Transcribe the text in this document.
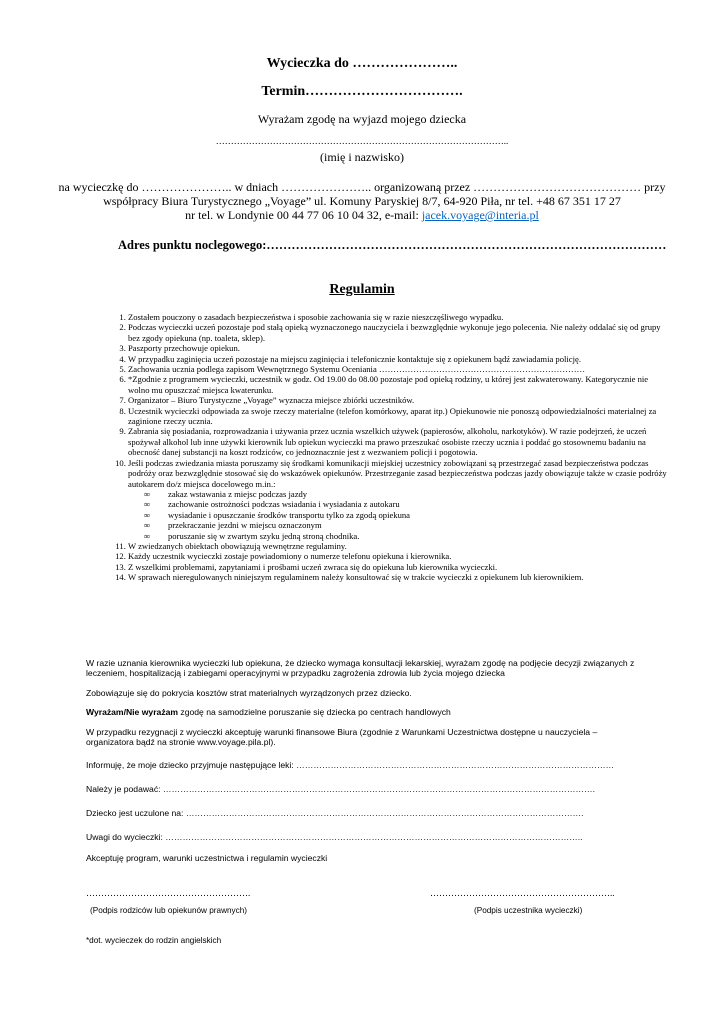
Wycieczka do …………………..
Termin…………………………….
Wyrażam zgodę na wyjazd mojego dziecka
……………………………………………………………………………………..
(imię i nazwisko)
na wycieczkę do ………………….. w dniach ………………….. organizowaną przez …………………………………… przy
współpracy Biura Turystycznego „Voyage” ul. Komuny Paryskiej 8/7, 64-920 Piła, nr tel. +48 67 351 17 27
nr tel. w Londynie 00 44 77 06 10 04 32, e-mail: jacek.voyage@interia.pl
Adres punktu noclegowego:……………………………………………………………………………………
Regulamin
1. Zostałem pouczony o zasadach bezpieczeństwa i sposobie zachowania się w razie nieszczęśliwego wypadku.
2. Podczas wycieczki uczeń pozostaje pod stałą opieką wyznaczonego nauczyciela i bezwzględnie wykonuje jego polecenia. Nie należy oddalać się od grupy bez zgody opiekuna (np. toaleta, sklep).
3. Paszporty przechowuje opiekun.
4. W przypadku zaginięcia uczeń pozostaje na miejscu zaginięcia i telefonicznie kontaktuje się z opiekunem bądź zawiadamia policję.
5. Zachowania ucznia podlega zapisom Wewnętrznego Systemu Oceniania ………………………………………………………………
6. *Zgodnie z programem wycieczki, uczestnik w godz. Od 19.00 do 08.00 pozostaje pod opieką rodziny, u której jest zakwaterowany. Kategorycznie nie wolno mu opuszczać miejsca kwaterunku.
7. Organizator – Biuro Turystyczne „Voyage” wyznacza miejsce zbiórki uczestników.
8. Uczestnik wycieczki odpowiada za swoje rzeczy materialne (telefon komórkowy, aparat itp.) Opiekunowie nie ponoszą odpowiedzialności materialnej za zaginione rzeczy ucznia.
9. Zabrania się posiadania, rozprowadzania i używania przez ucznia wszelkich używek (papierosów, alkoholu, narkotyków). W razie podejrzeń, że uczeń spożywał alkohol lub inne używki kierownik lub opiekun wycieczki ma prawo przeszukać osobiste rzeczy ucznia i poddać go stosownemu badaniu na obecność danej substancji na koszt rodziców, co jednoznacznie jest z wezwaniem policji i pogotowia.
10. Jeśli podczas zwiedzania miasta poruszamy się środkami komunikacji miejskiej uczestnicy zobowiązani są przestrzegać zasad bezpieczeństwa podczas podróży oraz bezwzględnie stosować się do wskazówek opiekunów. Przestrzeganie zasad bezpieczeństwa podczas jazdy obowiązuje także w czasie podróży autokarem do/z miejsca docelowego m.in.:
∞ zakaz wstawania z miejsc podczas jazdy
∞ zachowanie ostrożności podczas wsiadania i wysiadania z autokaru
∞ wysiadanie i opuszczanie środków transportu tylko za zgodą opiekuna
∞ przekraczanie jezdni w miejscu oznaczonym
∞ poruszanie się w zwartym szyku jedną stroną chodnika.
11. W zwiedzanych obiektach obowiązują wewnętrzne regulaminy.
12. Każdy uczestnik wycieczki zostaje powiadomiony o numerze telefonu opiekuna i kierownika.
13. Z wszelkimi problemami, zapytaniami i prośbami uczeń zwraca się do opiekuna lub kierownika wycieczki.
14. W sprawach nieregulowanych niniejszym regulaminem należy konsultować się w trakcie wycieczki z opiekunem lub kierownikiem.
W razie uznania kierownika wycieczki lub opiekuna, że dziecko wymaga konsultacji lekarskiej, wyrażam zgodę na podjęcie decyzji związanych z leczeniem, hospitalizacją i zabiegami operacyjnymi w przypadku zagrożenia zdrowia lub życia mojego dziecka
Zobowiązuje się do pokrycia kosztów strat materialnych wyrządzonych przez dziecko.
Wyrażam/Nie wyrażam zgodę na samodzielne poruszanie się dziecka po centrach handlowych
W przypadku rezygnacji z wycieczki akceptuję warunki finansowe Biura (zgodnie z Warunkami Uczestnictwa dostępne u nauczyciela – organizatora bądź na stronie www.voyage.pila.pl).
Informuję, że moje dziecko przyjmuje następujące leki: …………………………………………………………………………………………………
Należy je podawać: …………………………………………………………………………………………………………………………………….
Dziecko jest uczulone na: ………………………………………………………………………………………………………………………….
Uwagi do wycieczki: ………………………………………………………………………………………………………………………………..
Akceptuję program, warunki uczestnictwa i regulamin wycieczki
……………………………………………….	……………………………………………………..
(Podpis rodziców lub opiekunów prawnych)	(Podpis uczestnika wycieczki)
*dot. wycieczek do rodzin angielskich
